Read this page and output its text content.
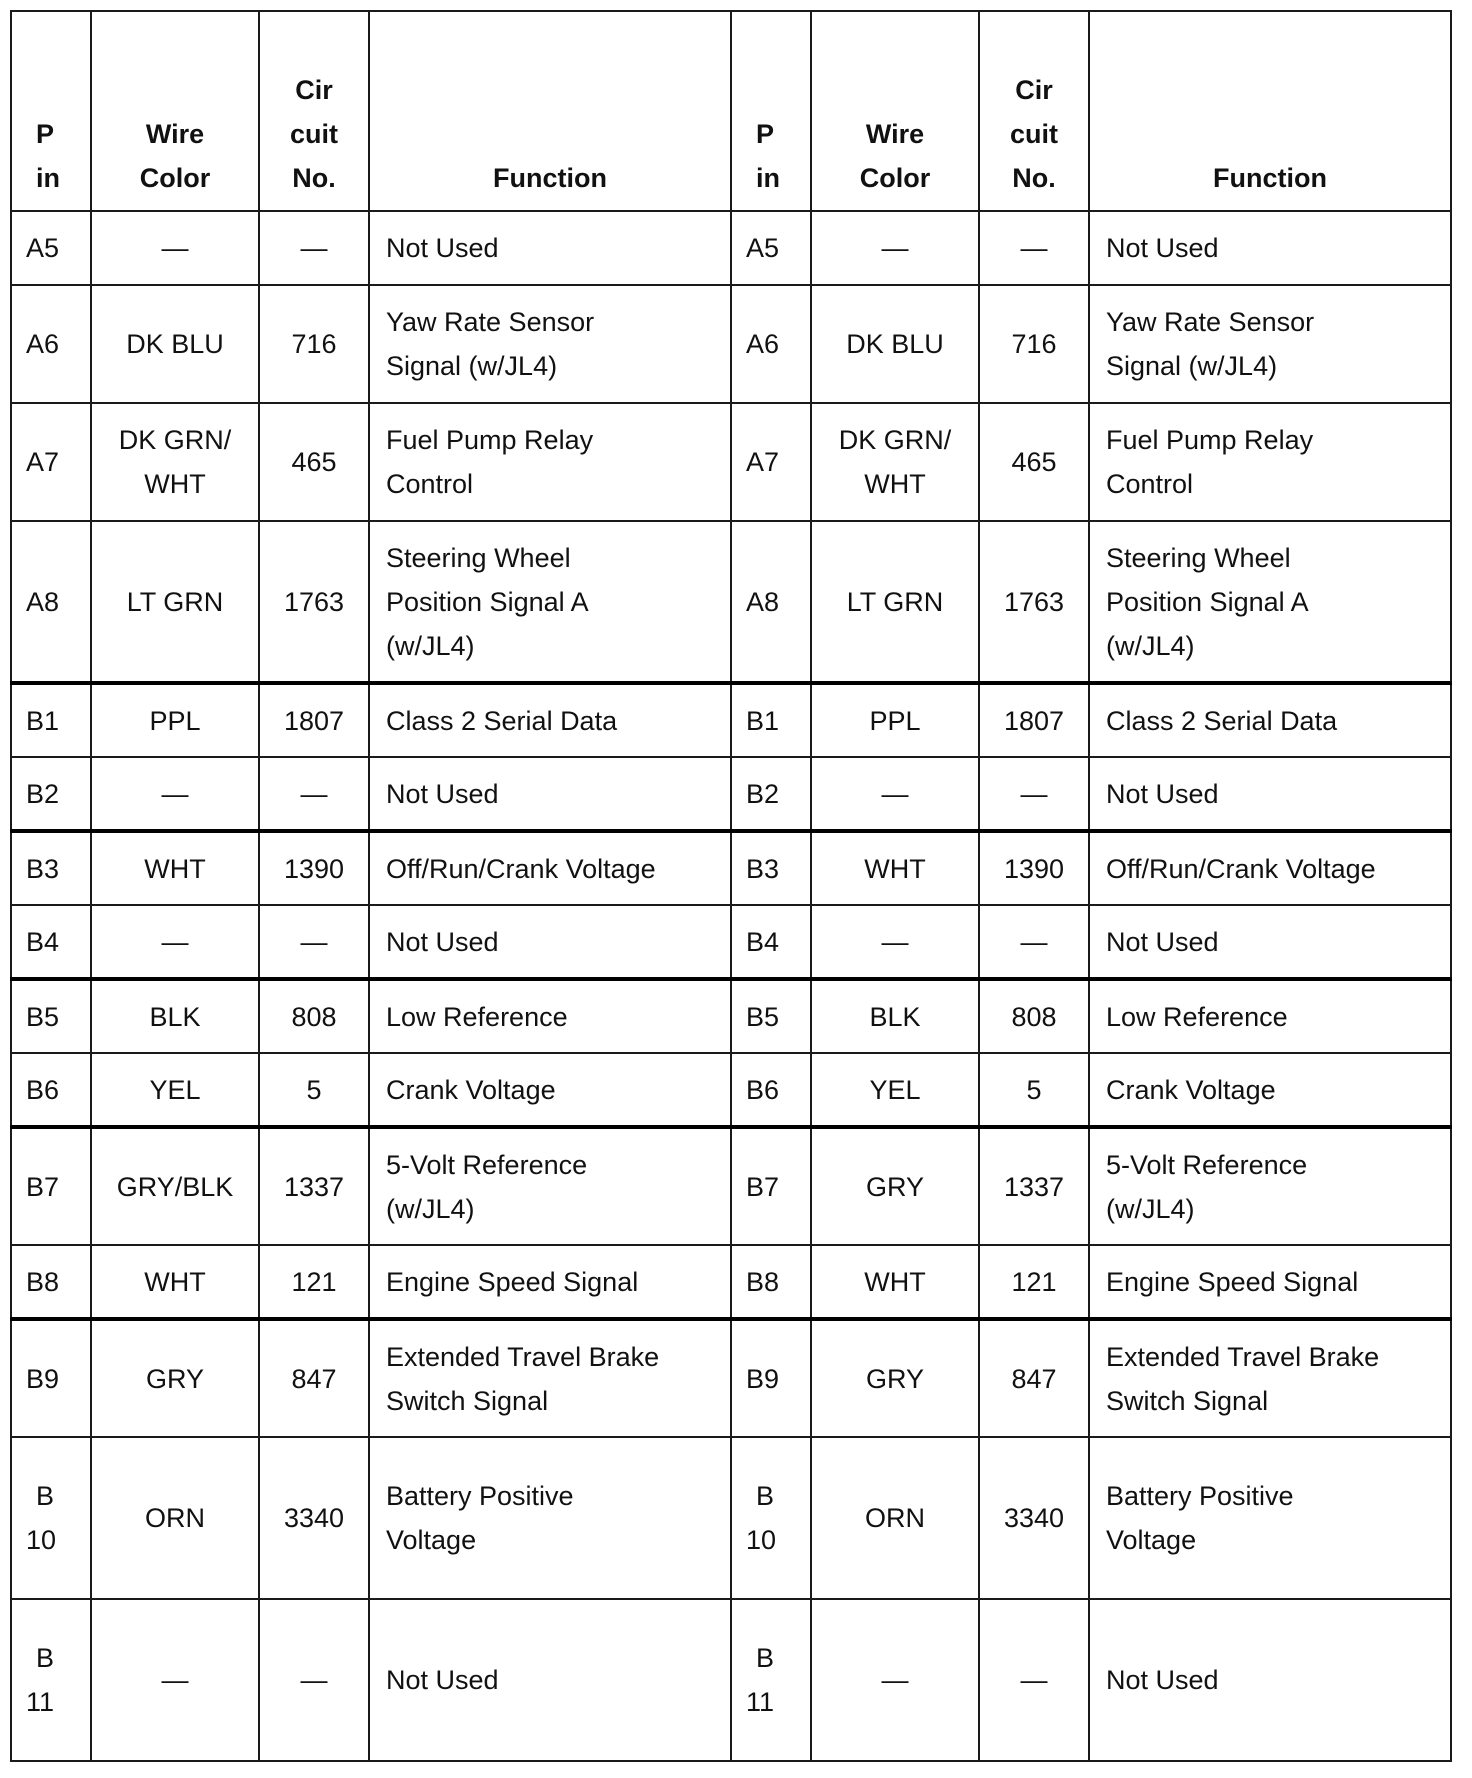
P
in	Wire
Color	Cir
cuit
No.	Function	P
in	Wire
Color	Cir
cuit
No.	Function

A5	—	—	Not Used	A5	—	—	Not Used

A6	DK BLU	716	Yaw Rate Sensor
Signal (w/JL4)	A6	DK BLU	716	Yaw Rate Sensor
Signal (w/JL4)

A7	DK GRN/
WHT	465	Fuel Pump Relay
Control	A7	DK GRN/
WHT	465	Fuel Pump Relay
Control

A8	LT GRN	1763	Steering Wheel
Position Signal A
(w/JL4)	A8	LT GRN	1763	Steering Wheel
Position Signal A
(w/JL4)

B1	PPL	1807	Class 2 Serial Data	B1	PPL	1807	Class 2 Serial Data

B2	—	—	Not Used	B2	—	—	Not Used

B3	WHT	1390	Off/Run/Crank Voltage	B3	WHT	1390	Off/Run/Crank Voltage

B4	—	—	Not Used	B4	—	—	Not Used

B5	BLK	808	Low Reference	B5	BLK	808	Low Reference

B6	YEL	5	Crank Voltage	B6	YEL	5	Crank Voltage

B7	GRY/BLK	1337	5-Volt Reference
(w/JL4)	B7	GRY	1337	5-Volt Reference
(w/JL4)

B8	WHT	121	Engine Speed Signal	B8	WHT	121	Engine Speed Signal

B9	GRY	847	Extended Travel Brake
Switch Signal	B9	GRY	847	Extended Travel Brake
Switch Signal

B
10	ORN	3340	Battery Positive
Voltage	B
10	ORN	3340	Battery Positive
Voltage

B
11	—	—	Not Used	B
11	—	—	Not Used
